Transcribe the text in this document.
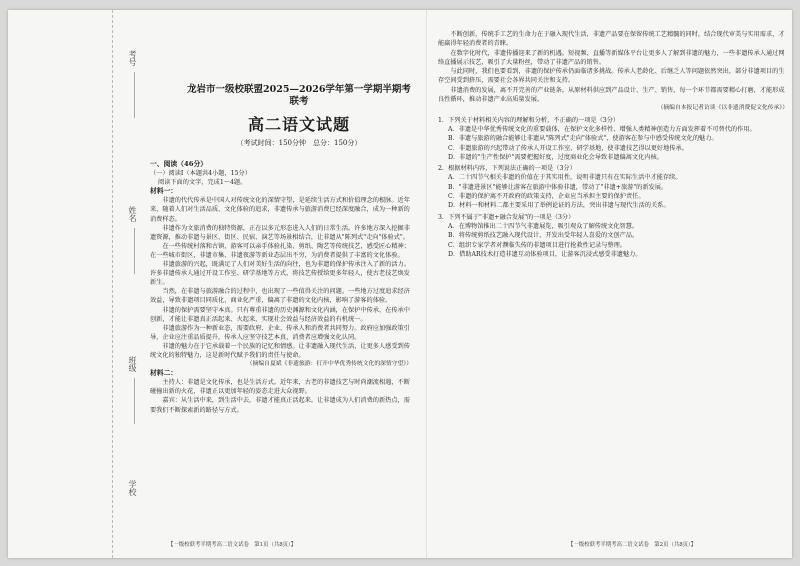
考号
姓名
班级
学校
龙岩市一级校联盟2025—2026学年第一学期半期考联考
高二语文试题
（考试时间：150分钟　总分：150分）
一、阅读（46分）
（一）阅读Ⅰ（本题共4小题，15分）
阅读下面的文字，完成1～4题。
材料一：

非遗的代代传承是中国人对传统文化的深情守望，是延续生活方式和价值理念的根脉。近年来，随着人们对生活品质、文化体验的追求，非遗传承与旅游消费已经深度融合，成为一种新的消费样态。

非遗作为文旅消费的独特资源，正在以多元形态进入人们的日常生活。许多地方深入挖掘非遗资源，推动非遗与景区、街区、民宿、演艺等场景相结合，让非遗从"陈列式"走向"体验式"。

在一些传统村落和古镇，游客可以亲手体验扎染、剪纸、陶艺等传统技艺，感受匠心精神；在一些城市街区，非遗市集、非遗夜游等新业态层出不穷，为消费者提供了丰富的文化体验。

非遗旅游的兴起，既满足了人们对美好生活的向往，也为非遗的保护传承注入了新的活力。许多非遗传承人通过开设工作室、研学基地等方式，将技艺传授给更多年轻人，使古老技艺焕发新生。

当然，在非遗与旅游融合的过程中，也出现了一些值得关注的问题。一些地方过度追求经济效益，导致非遗项目同质化、商业化严重，偏离了非遗的文化内核，影响了游客的体验。

非遗的保护需要坚守本真。只有尊重非遗的历史渊源和文化内涵，在保护中传承、在传承中创新，才能让非遗真正活起来、火起来，实现社会效益与经济效益的有机统一。

非遗旅游作为一种新业态，需要政府、企业、传承人和消费者共同努力。政府应加强政策引导，企业应注重品质提升，传承人应坚守技艺本真，消费者应增强文化认同。

非遗的魅力在于它承载着一个民族的记忆和情感。让非遗融入现代生活，让更多人感受到传统文化的独特魅力，这是新时代赋予我们的责任与使命。

（摘编自夏斌《非遗旅游：打开中华优秀传统文化的深情守望》）
材料二：

主持人：非遗是文化传承，也是生活方式。近年来，古老的非遗技艺与时尚潮流相遇，不断碰撞出新的火花，非遗正以更加年轻的姿态走进大众视野。

嘉宾：从生活中来，到生活中去，非遗才能真正活起来。让非遗成为人们消费的新热点，需要我们不断探索新的路径与方式。

不断创新，传统手工艺的生命力在于融入现代生活，非遗产品要在保留传统工艺精髓的同时，结合现代审美与实用需求，才能赢得年轻消费者的青睐。

在数字化时代，非遗传播迎来了新的机遇。短视频、直播等新媒体平台让更多人了解到非遗的魅力，一些非遗传承人通过网络直播展示技艺，吸引了大量粉丝，带动了非遗产品的销售。

与此同时，我们也要看到，非遗的保护传承仍面临诸多挑战。传承人老龄化、后继乏人等问题依然突出，部分非遗项目的生存空间受到挤压，需要社会各界共同关注和支持。

非遗消费的发展，离不开完善的产业链条。从原材料供应到产品设计、生产、销售，每一个环节都需要精心打磨，才能形成良性循环，推动非遗产业高质量发展。

（摘编自本报记者访谈《以非遗消费促文化传承》）
1．下列关于材料相关内容的理解和分析，不正确的一项是（3分）
A．非遗是中华优秀传统文化的重要载体，在保护文化多样性、增强人类精神创造力方面发挥着不可替代的作用。
B．非遗与旅游的融合能够让非遗从"陈列式"走向"体验式"，使游客在参与中感受传统文化的魅力。
C．非遗旅游的兴起带动了传承人开设工作室、研学基地，使非遗技艺得以更好地传承。
D．非遗的"生产性保护"需要把握好度，过度商业化会导致非遗偏离文化内核。
2．根据材料内容，下列说法正确的一项是（3分）
A．二十四节气相关非遗的价值在于其实用性，说明非遗只有在实际生活中才能存续。
B．"非遗进景区"能够让游客在旅游中体验非遗，带动了"非遗+旅游"的新发展。
C．非遗的保护离不开政府的政策支持，企业应当承担主要的保护责任。
D．材料一和材料二都主要采用了举例论证的方法，突出非遗与现代生活的关系。
3．下列不属于"非遗+融合发展"的一项是（3分）
A．在博物馆推出二十四节气非遗展览，吸引观众了解传统文化智慧。
B．将传统剪纸技艺融入现代设计，开发出受年轻人喜爱的文创产品。
C．组织专家学者对濒临失传的非遗项目进行抢救性记录与整理。
D．借助AR技术打造非遗互动体验项目，让游客沉浸式感受非遗魅力。
【一级校联考半期考高二语文试卷　第1页（共8页）】	【一级校联考半期考高二语文试卷　第2页（共8页）】
